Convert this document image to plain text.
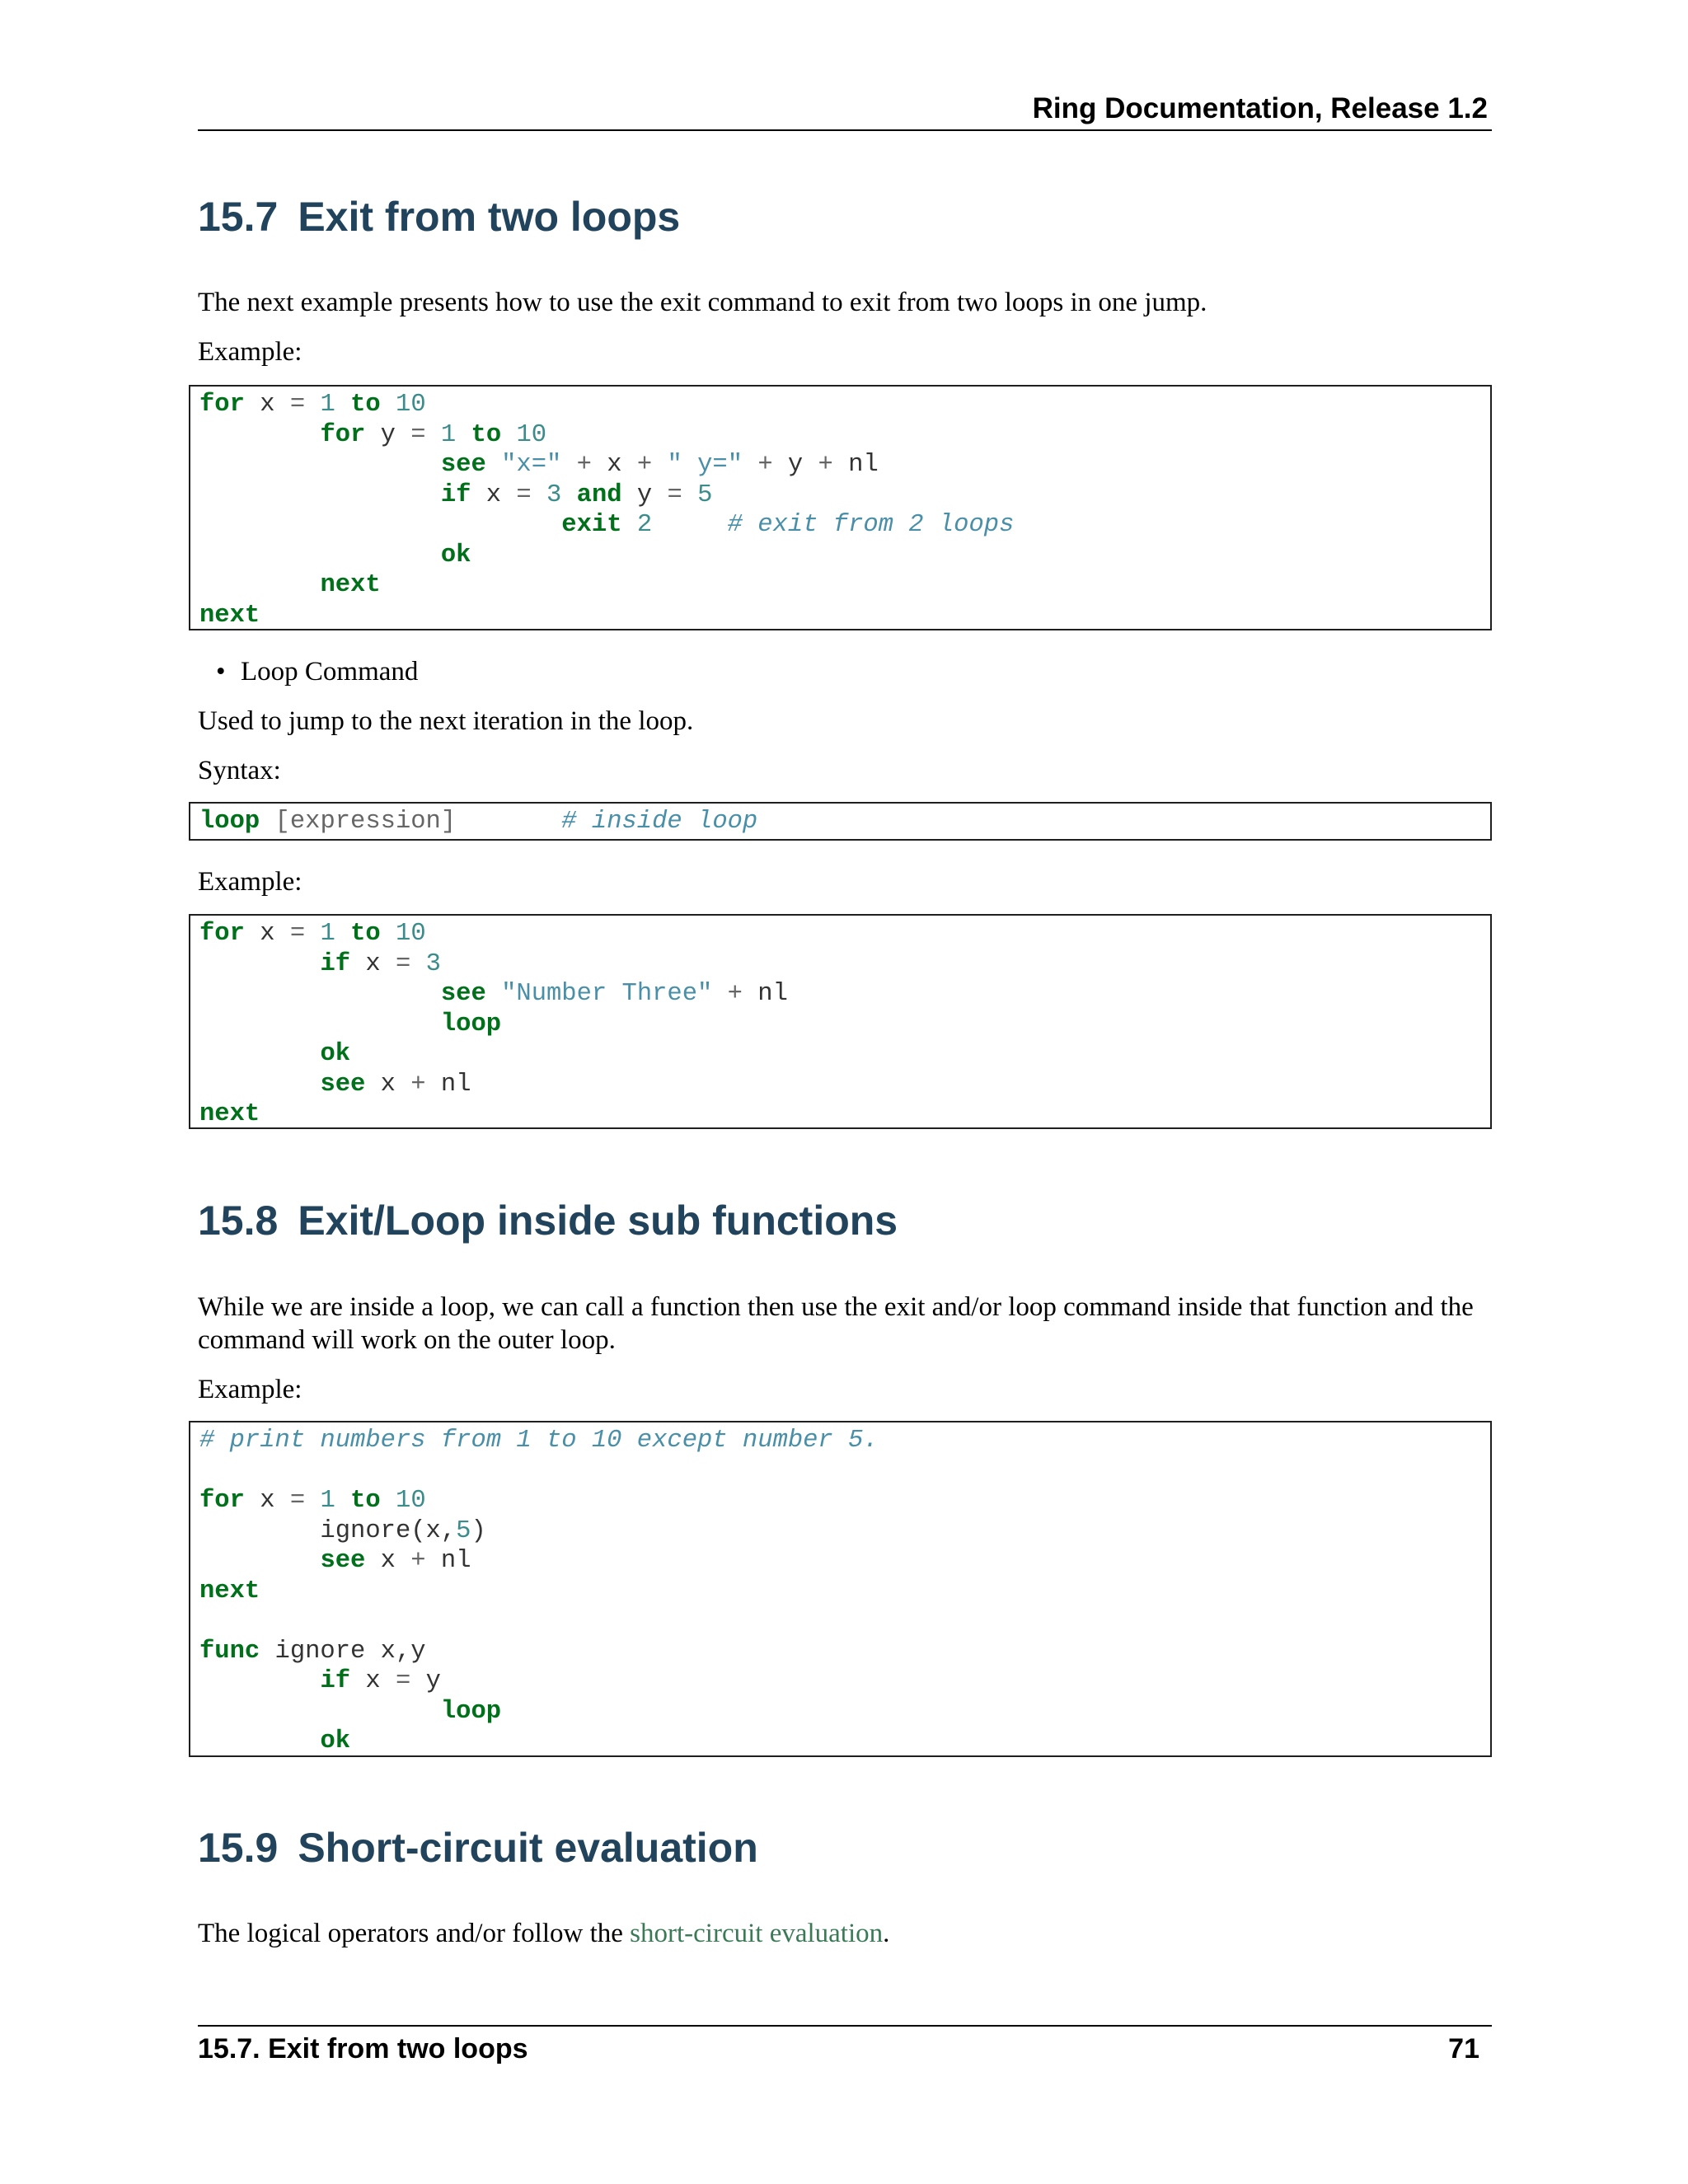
Ring Documentation, Release 1.2
15.7 Exit from two loops

The next example presents how to use the exit command to exit from two loops in one jump.

Example:

for x = 1 to 10
for y = 1 to 10
see "x=" + x + " y=" + y + nl
if x = 3 and y = 5
exit 2	# exit from 2 loops
ok
next
next

• Loop Command

Used to jump to the next iteration in the loop.

Syntax:

loop [expression]	# inside loop

Example:

for x = 1 to 10
if x = 3
see "Number Three" + nl
loop
ok
see x + nl
next
15.8 Exit/Loop inside sub functions

While we are inside a loop, we can call a function then use the exit and/or loop command inside that function and the command will work on the outer loop.

Example:

# print numbers from 1 to 10 except number 5.

for x = 1 to 10
ignore(x,5)
see x + nl
next

func ignore x,y
if x = y
loop
ok
15.9 Short-circuit evaluation

The logical operators and/or follow the short-circuit evaluation.

15.7. Exit from two loops	71
